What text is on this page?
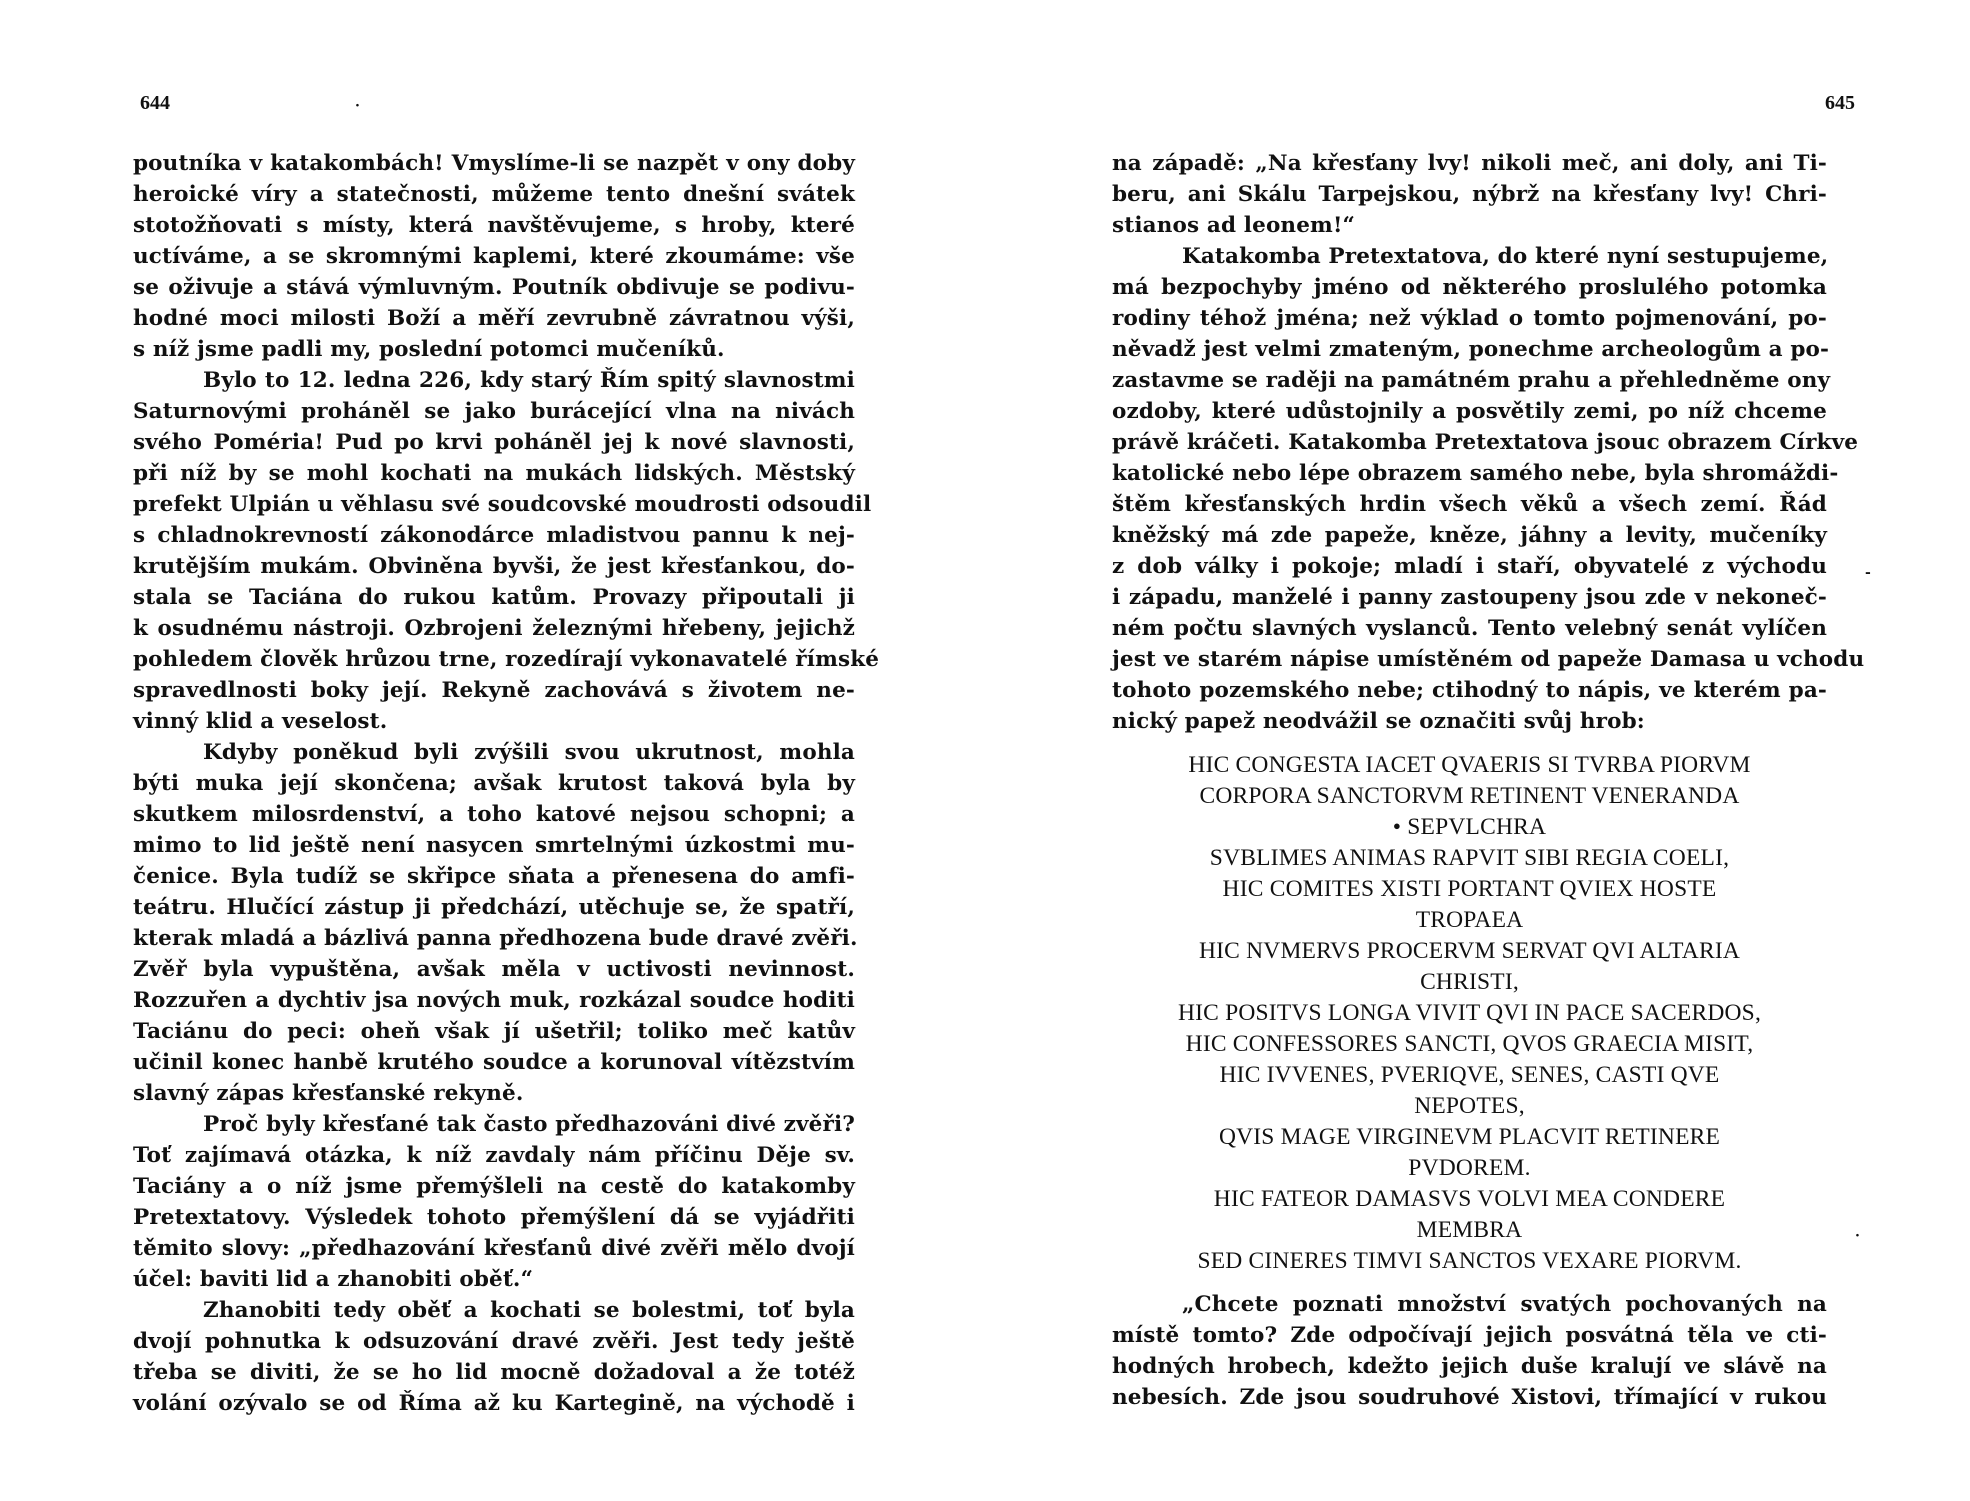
644	·
poutníka v katakombách! Vmyslíme-li se nazpět v ony doby
heroické víry a statečnosti, můžeme tento dnešní svátek
stotožňovati s místy, která navštěvujeme, s hroby, které
uctíváme, a se skromnými kaplemi, které zkoumáme: vše
se oživuje a stává výmluvným. Poutník obdivuje se podivu-
hodné moci milosti Boží a měří zevrubně závratnou výši,
s níž jsme padli my, poslední potomci mučeníků.
Bylo to 12. ledna 226, kdy starý Řím spitý slavnostmi
Saturnovými proháněl se jako burácející vlna na nivách
svého Poméria! Pud po krvi poháněl jej k nové slavnosti,
při níž by se mohl kochati na mukách lidských. Městský
prefekt Ulpián u věhlasu své soudcovské moudrosti odsoudil
s chladnokrevností zákonodárce mladistvou pannu k nej-
krutějším mukám. Obviněna byvši, že jest křesťankou, do-
stala se Taciána do rukou katům. Provazy připoutali ji
k osudnému nástroji. Ozbrojeni železnými hřebeny, jejichž
pohledem člověk hrůzou trne, rozedírají vykonavatelé římské
spravedlnosti boky její. Rekyně zachovává s životem ne-
vinný klid a veselost.
Kdyby poněkud byli zvýšili svou ukrutnost, mohla
býti muka její skončena; avšak krutost taková byla by
skutkem milosrdenství, a toho katové nejsou schopni; a
mimo to lid ještě není nasycen smrtelnými úzkostmi mu-
čenice. Byla tudíž se skřipce sňata a přenesena do amfi-
teátru. Hlučící zástup ji předchází, utěchuje se, že spatří,
kterak mladá a bázlivá panna předhozena bude dravé zvěři.
Zvěř byla vypuštěna, avšak měla v uctivosti nevinnost.
Rozzuřen a dychtiv jsa nových muk, rozkázal soudce hoditi
Taciánu do peci: oheň však jí ušetřil; toliko meč katův
učinil konec hanbě krutého soudce a korunoval vítězstvím
slavný zápas křesťanské rekyně.
Proč byly křesťané tak často předhazováni divé zvěři?
Toť zajímavá otázka, k níž zavdaly nám příčinu Děje sv.
Taciány a o níž jsme přemýšleli na cestě do katakomby
Pretextatovy. Výsledek tohoto přemýšlení dá se vyjádřiti
těmito slovy: „předhazování křesťanů divé zvěři mělo dvojí
účel: baviti lid a zhanobiti oběť.“
Zhanobiti tedy oběť a kochati se bolestmi, toť byla
dvojí pohnutka k odsuzování dravé zvěři. Jest tedy ještě
třeba se diviti, že se ho lid mocně dožadoval a že totéž
volání ozývalo se od Říma až ku Kartegině, na východě i
645
na západě: „Na křesťany lvy! nikoli meč, ani doly, ani Ti-
beru, ani Skálu Tarpejskou, nýbrž na křesťany lvy! Chri-
stianos ad leonem!“
Katakomba Pretextatova, do které nyní sestupujeme,
má bezpochyby jméno od některého proslulého potomka
rodiny téhož jména; než výklad o tomto pojmenování, po-
něvadž jest velmi zmateným, ponechme archeologům a po-
zastavme se raději na památném prahu a přehledněme ony
ozdoby, které udůstojnily a posvětily zemi, po níž chceme
právě kráčeti. Katakomba Pretextatova jsouc obrazem Církve
katolické nebo lépe obrazem samého nebe, byla shromáždi-
štěm křesťanských hrdin všech věků a všech zemí. Řád
kněžský má zde papeže, kněze, jáhny a levity, mučeníky
z dob války i pokoje; mladí i staří, obyvatelé z východu
i západu, manželé i panny zastoupeny jsou zde v nekoneč-
ném počtu slavných vyslanců. Tento velebný senát vylíčen
jest ve starém nápise umístěném od papeže Damasa u vchodu
tohoto pozemského nebe; ctihodný to nápis, ve kterém pa-
nický papež neodvážil se označiti svůj hrob:
HIC CONGESTA IACET QVAERIS SI TVRBA PIORVM
CORPORA SANCTORVM RETINENT VENERANDA
• SEPVLCHRA
SVBLIMES ANIMAS RAPVIT SIBI REGIA COELI,
HIC COMITES XISTI PORTANT QVIEX HOSTE
TROPAEA
HIC NVMERVS PROCERVM SERVAT QVI ALTARIA
CHRISTI,
HIC POSITVS LONGA VIVIT QVI IN PACE SACERDOS,
HIC CONFESSORES SANCTI, QVOS GRAECIA MISIT,
HIC IVVENES, PVERIQVE, SENES, CASTI QVE
NEPOTES,
QVIS MAGE VIRGINEVM PLACVIT RETINERE
PVDOREM.
HIC FATEOR DAMASVS VOLVI MEA CONDERE
MEMBRA
SED CINERES TIMVI SANCTOS VEXARE PIORVM.
„Chcete poznati množství svatých pochovaných na
místě tomto? Zde odpočívají jejich posvátná těla ve cti-
hodných hrobech, kdežto jejich duše kralují ve slávě na
nebesích. Zde jsou soudruhové Xistovi, třímající v rukou
-
·
